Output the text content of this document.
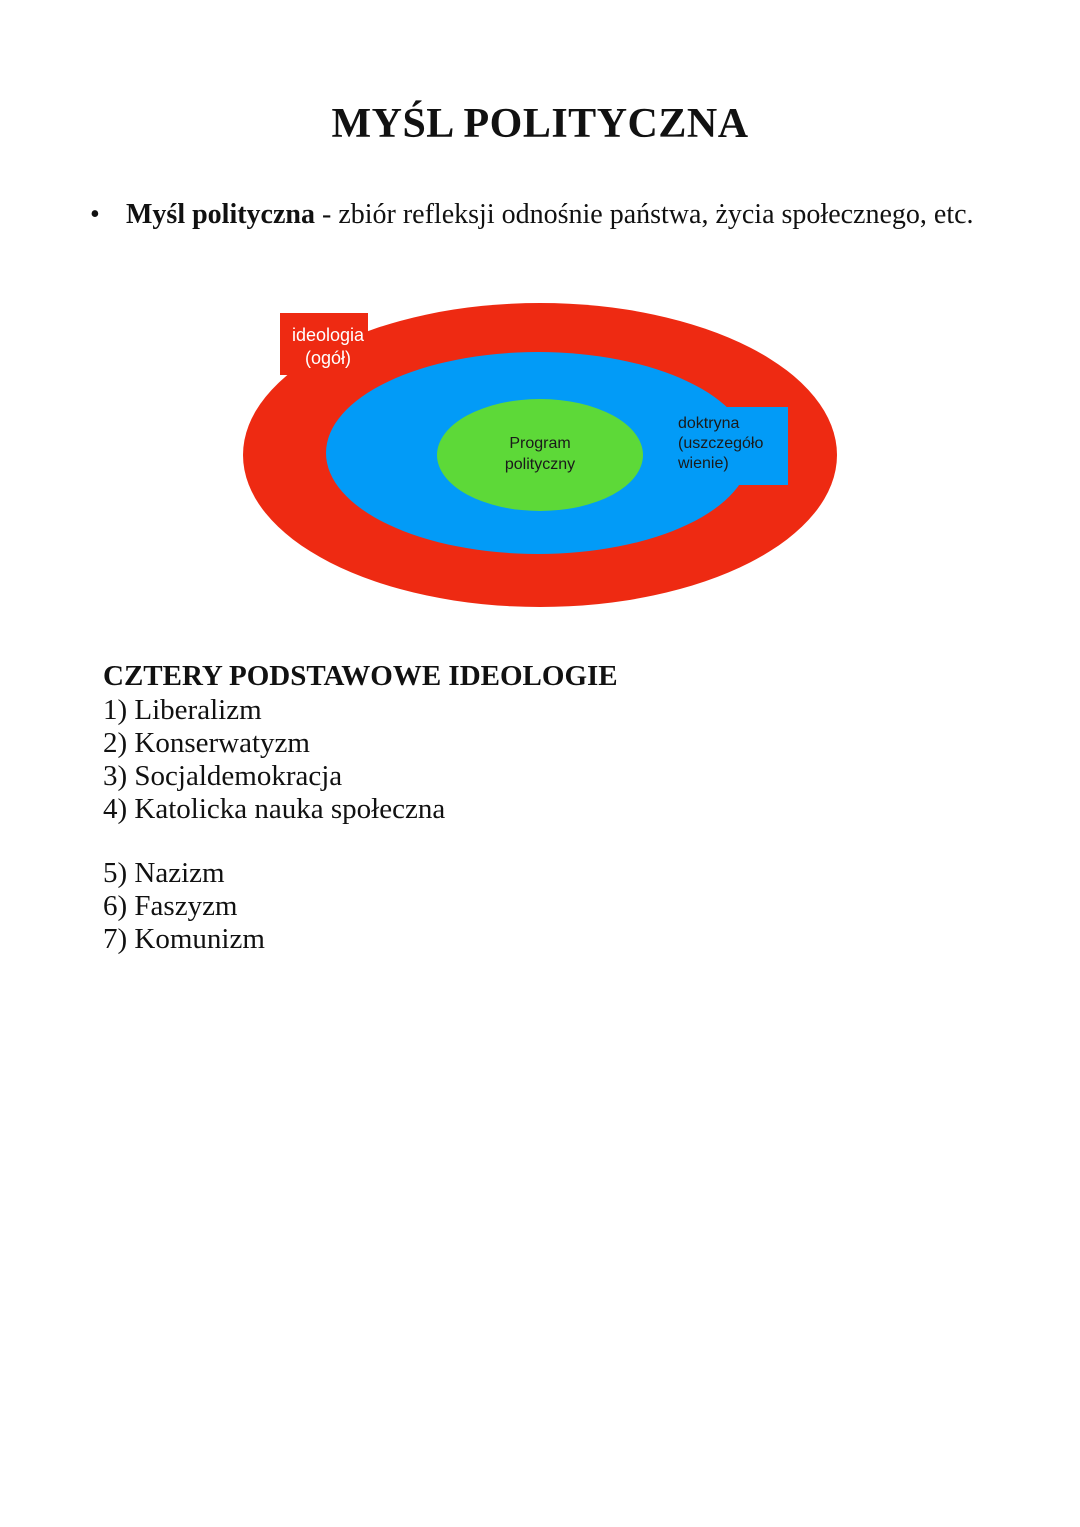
MYŚL POLITYCZNA
• Myśl polityczna - zbiór refleksji odnośnie państwa, życia społecznego, etc.
ideologia
(ogół)
doktryna
(uszczegóło
wienie)
Program
polityczny
CZTERY PODSTAWOWE IDEOLOGIE
1) Liberalizm
2) Konserwatyzm
3) Socjaldemokracja
4) Katolicka nauka społeczna
5) Nazizm
6) Faszyzm
7) Komunizm
